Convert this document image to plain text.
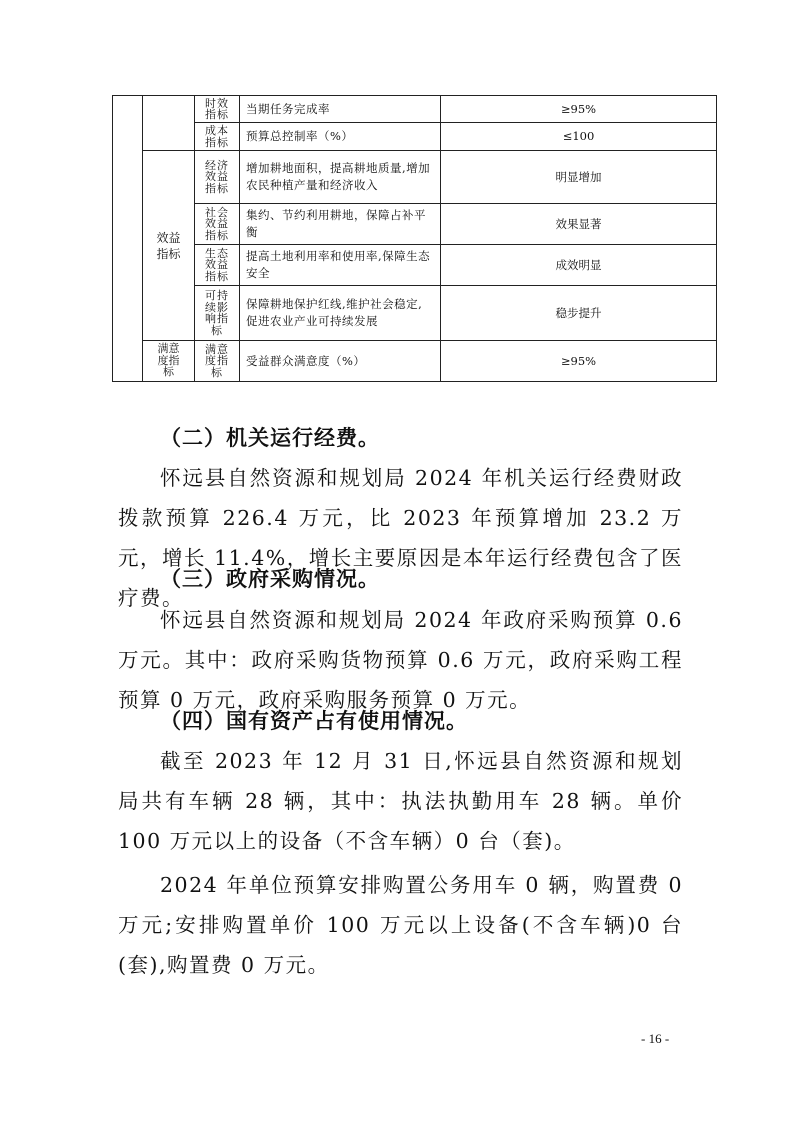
		时效指标	当期任务完成率	≥95%
		成本指标	预算总控制率（%）	≤100
	效益指标	经济效益指标	增加耕地面积，提高耕地质量,增加农民种植产量和经济收入	明显增加
		社会效益指标	集约、节约利用耕地，保障占补平衡	效果显著
		生态效益指标	提高土地利用率和使用率,保障生态安全	成效明显
		可持续影响指标	保障耕地保护红线,维护社会稳定,促进农业产业可持续发展	稳步提升
	满意度指标	满意度指标	受益群众满意度（%）	≥95%

（二）机关运行经费。

怀远县自然资源和规划局 2024 年机关运行经费财政拨款预算 226.4 万元，比 2023 年预算增加 23.2 万元，增长 11.4%，增长主要原因是本年运行经费包含了医疗费。

（三）政府采购情况。

怀远县自然资源和规划局 2024 年政府采购预算 0.6 万元。其中：政府采购货物预算 0.6 万元，政府采购工程预算 0 万元，政府采购服务预算 0 万元。

（四）国有资产占有使用情况。

截至 2023 年 12 月 31 日,怀远县自然资源和规划局共有车辆 28 辆，其中：执法执勤用车 28 辆。单价 100 万元以上的设备（不含车辆）0 台（套)。

2024 年单位预算安排购置公务用车 0 辆，购置费 0 万元;安排购置单价 100 万元以上设备(不含车辆)0 台(套),购置费 0 万元。

- 16 -
